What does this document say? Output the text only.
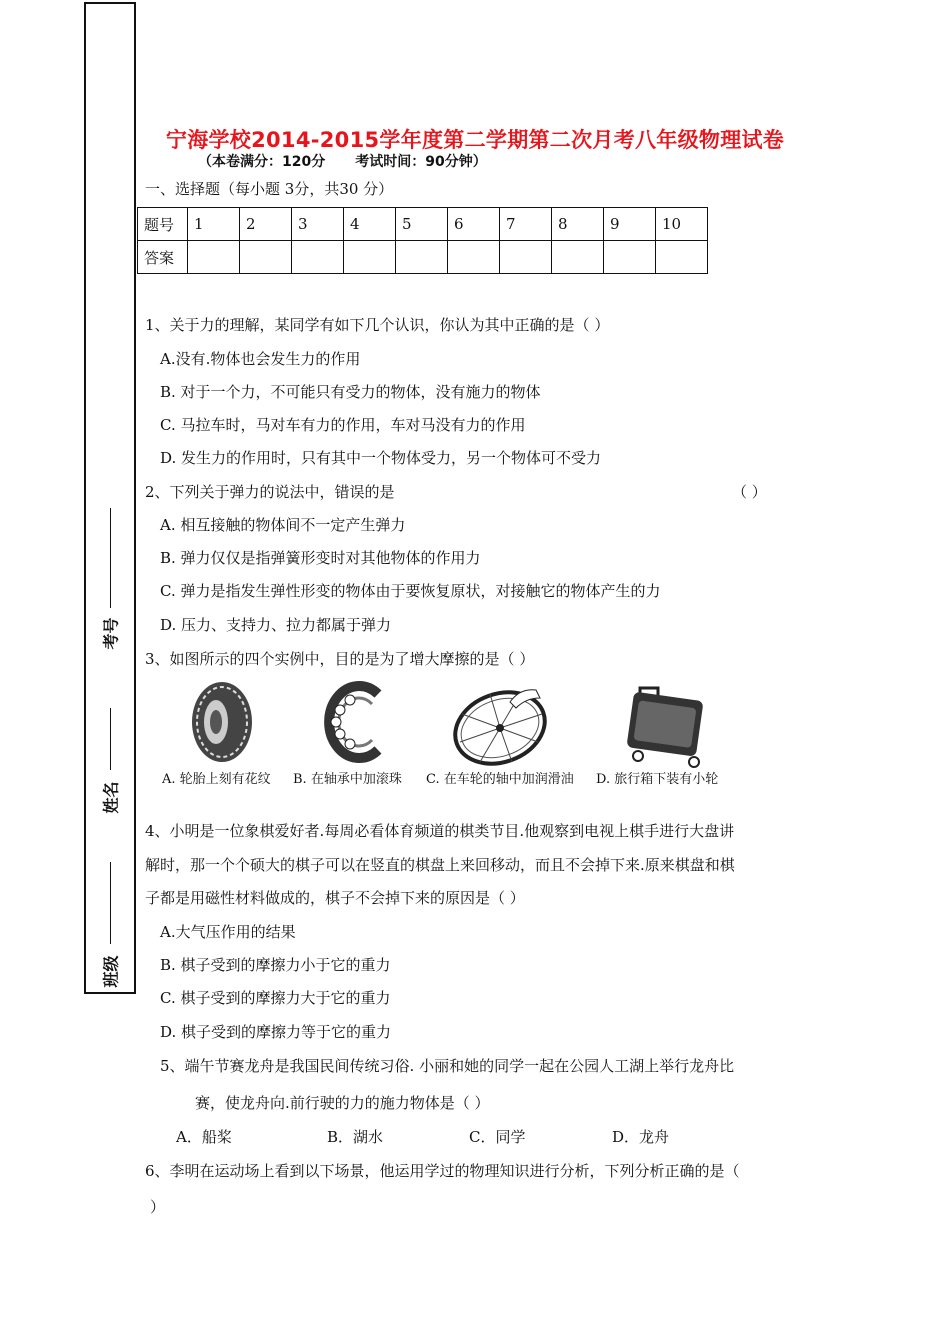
考号
姓名
班级
宁海学校2014-2015学年度第二学期第二次月考八年级物理试卷
（本卷满分：120分 考试时间：90分钟）
一、选择题（每小题 3分，共30 分）
题号	1	2	3	4	5	6	7	8	9	10
答案										
1、关于力的理解，某同学有如下几个认识，你认为其中正确的是（ ）
A.没有.物体也会发生力的作用
B. 对于一个力，不可能只有受力的物体，没有施力的物体
C. 马拉车时，马对车有力的作用，车对马没有力的作用
D. 发生力的作用时，只有其中一个物体受力，另一个物体可不受力
2、下列关于弹力的说法中，错误的是	（ ）
A. 相互接触的物体间不一定产生弹力
B. 弹力仅仅是指弹簧形变时对其他物体的作用力
C. 弹力是指发生弹性形变的物体由于要恢复原状，对接触它的物体产生的力
D. 压力、支持力、拉力都属于弹力
3、如图所示的四个实例中，目的是为了增大摩擦的是（ ）
A. 轮胎上刻有花纹 B. 在轴承中加滚珠 C. 在车轮的轴中加润滑油 D. 旅行箱下装有小轮
4、小明是一位象棋爱好者.每周必看体育频道的棋类节目.他观察到电视上棋手进行大盘讲
解时，那一个个硕大的棋子可以在竖直的棋盘上来回移动，而且不会掉下来.原来棋盘和棋
子都是用磁性材料做成的，棋子不会掉下来的原因是（ ）
A.大气压作用的结果
B. 棋子受到的摩擦力小于它的重力
C. 棋子受到的摩擦力大于它的重力
D. 棋子受到的摩擦力等于它的重力
5、端午节赛龙舟是我国民间传统习俗. 小丽和她的同学一起在公园人工湖上举行龙舟比
赛，使龙舟向.前行驶的力的施力物体是（ ）
A．船桨	B．湖水	C．同学	D．龙舟
6、李明在运动场上看到以下场景，他运用学过的物理知识进行分析，下列分析正确的是（
）
